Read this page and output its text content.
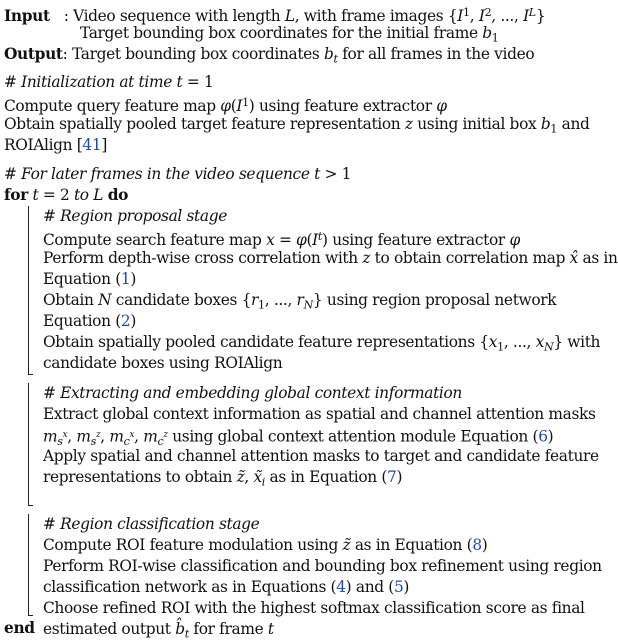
Input : Video sequence with length L, with frame images {$I^1$, $I^2$, ..., $I^L$}
Target bounding box coordinates for the initial frame $b_1$
Output: Target bounding box coordinates $b_t$ for all frames in the video
# Initialization at time t = 1
Compute query feature map $\varphi(I^1)$ using feature extractor φ
Obtain spatially pooled target feature representation z using initial box $b_1$ and
ROIAlign [41]
# For later frames in the video sequence t > 1
for t = 2 to L do
# Region proposal stage
Compute search feature map $x = \varphi(I^t)$ using feature extractor φ
Perform depth-wise cross correlation with z to obtain correlation map x̂ as in
Equation (1)
Obtain N candidate boxes {$r_1$, ..., $r_N$} using region proposal network
Equation (2)
Obtain spatially pooled candidate feature representations {$x_1$, ..., $x_N$} with
candidate boxes using ROIAlign
# Extracting and embedding global context information
Extract global context information as spatial and channel attention masks
$m_{s^x}$, $m_{s^z}$, $m_{c^x}$, $m_{c^z}$ using global context attention module Equation (6)
Apply spatial and channel attention masks to target and candidate feature
representations to obtain z̃, $x̃_i$ as in Equation (7)
# Region classification stage
Compute ROI feature modulation using z̃ as in Equation (8)
Perform ROI-wise classification and bounding box refinement using region
classification network as in Equations (4) and (5)
Choose refined ROI with the highest softmax classification score as final
estimated output $b̂_t$ for frame t
end
